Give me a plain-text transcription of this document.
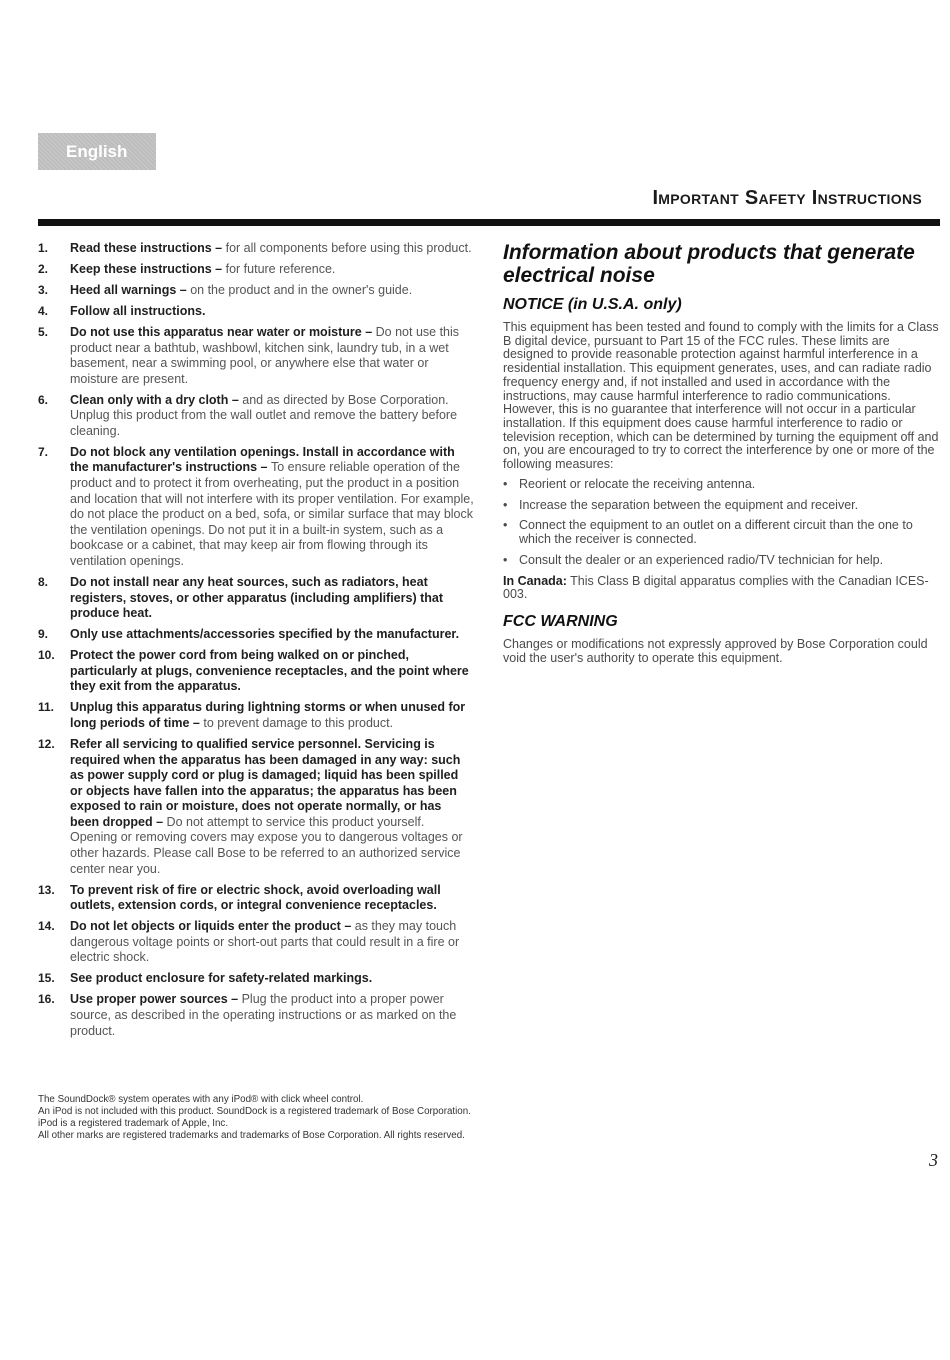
English
Important Safety Instructions
1.	Read these instructions – for all components before using this product.
2.	Keep these instructions – for future reference.
3.	Heed all warnings – on the product and in the owner's guide.
4.	Follow all instructions.
5.	Do not use this apparatus near water or moisture – Do not use this product near a bathtub, washbowl, kitchen sink, laundry tub, in a wet basement, near a swimming pool, or anywhere else that water or moisture are present.
6.	Clean only with a dry cloth – and as directed by Bose Corporation. Unplug this product from the wall outlet and remove the battery before cleaning.
7.	Do not block any ventilation openings. Install in accordance with the manufacturer's instructions – To ensure reliable operation of the product and to protect it from overheating, put the product in a position and location that will not interfere with its proper ventilation. For example, do not place the product on a bed, sofa, or similar surface that may block the ventilation openings. Do not put it in a built-in system, such as a bookcase or a cabinet, that may keep air from flowing through its ventilation openings.
8.	Do not install near any heat sources, such as radiators, heat registers, stoves, or other apparatus (including amplifiers) that produce heat.
9.	Only use attachments/accessories specified by the manufacturer.
10.	Protect the power cord from being walked on or pinched, particularly at plugs, convenience receptacles, and the point where they exit from the apparatus.
11.	Unplug this apparatus during lightning storms or when unused for long periods of time – to prevent damage to this product.
12.	Refer all servicing to qualified service personnel. Servicing is required when the apparatus has been damaged in any way: such as power supply cord or plug is damaged; liquid has been spilled or objects have fallen into the apparatus; the apparatus has been exposed to rain or moisture, does not operate normally, or has been dropped – Do not attempt to service this product yourself. Opening or removing covers may expose you to dangerous voltages or other hazards. Please call Bose to be referred to an authorized service center near you.
13.	To prevent risk of fire or electric shock, avoid overloading wall outlets, extension cords, or integral convenience receptacles.
14.	Do not let objects or liquids enter the product – as they may touch dangerous voltage points or short-out parts that could result in a fire or electric shock.
15.	See product enclosure for safety-related markings.
16.	Use proper power sources – Plug the product into a proper power source, as described in the operating instructions or as marked on the product.
The SoundDock® system operates with any iPod® with click wheel control.
An iPod is not included with this product. SoundDock is a registered trademark of Bose Corporation. iPod is a registered trademark of Apple, Inc.
All other marks are registered trademarks and trademarks of Bose Corporation. All rights reserved.
Information about products that generate electrical noise
NOTICE (in U.S.A. only)

This equipment has been tested and found to comply with the limits for a Class B digital device, pursuant to Part 15 of the FCC rules. These limits are designed to provide reasonable protection against harmful interference in a residential installation. This equipment generates, uses, and can radiate radio frequency energy and, if not installed and used in accordance with the instructions, may cause harmful interference to radio communications. However, this is no guarantee that interference will not occur in a particular installation. If this equipment does cause harmful interference to radio or television reception, which can be determined by turning the equipment off and on, you are encouraged to try to correct the interference by one or more of the following measures:

• Reorient or relocate the receiving antenna.
• Increase the separation between the equipment and receiver.
• Connect the equipment to an outlet on a different circuit than the one to which the receiver is connected.
• Consult the dealer or an experienced radio/TV technician for help.

In Canada: This Class B digital apparatus complies with the Canadian ICES-003.

FCC WARNING

Changes or modifications not expressly approved by Bose Corporation could void the user's authority to operate this equipment.

3
